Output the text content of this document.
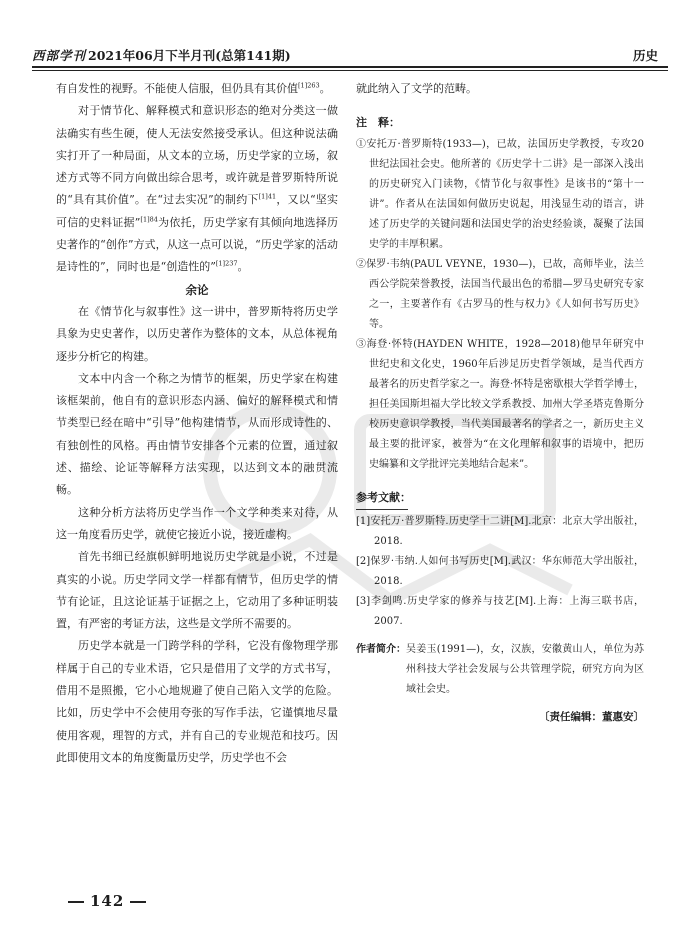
西部学刊 2021年06月下半月刊(总第141期)	历史

有自发性的视野。不能使人信服，但仍具有其价值$^{[1]263}$。

对于情节化、解释模式和意识形态的绝对分类这一做法确实有些生硬，使人无法安然接受承认。但这种说法确实打开了一种局面，从文本的立场，历史学家的立场，叙述方式等不同方向做出综合思考，或许就是普罗斯特所说的“具有其价值”。在“过去实况”的制约下$^{[1]41}$，又以“坚实可信的史料证据”$^{[1]84}$为依托，历史学家有其倾向地选择历史著作的“创作”方式，从这一点可以说，“历史学家的活动是诗性的”，同时也是“创造性的”$^{[1]237}$。

余论

在《情节化与叙事性》这一讲中，普罗斯特将历史学具象为史史著作，以历史著作为整体的文本，从总体视角逐步分析它的构建。

文本中内含一个称之为情节的框架，历史学家在构建该框架前，他自有的意识形态内涵、偏好的解释模式和情节类型已经在暗中“引导”他构建情节，从而形成诗性的、有独创性的风格。再由情节安排各个元素的位置，通过叙述、描绘、论证等解释方法实现，以达到文本的融贯流畅。

这种分析方法将历史学当作一个文学种类来对待，从这一角度看历史学，就使它接近小说，接近虚构。

首先书细已经旗帜鲜明地说历史学就是小说，不过是真实的小说。历史学同文学一样都有情节，但历史学的情节有论证，且这论证基于证据之上，它动用了多种证明装置，有严密的考证方法，这些是文学所不需要的。

历史学本就是一门跨学科的学科，它没有像物理学那样属于自己的专业术语，它只是借用了文学的方式书写，借用不是照搬，它小心地规避了使自己陷入文学的危险。比如，历史学中不会使用夸张的写作手法，它谨慎地尽量使用客观，理智的方式，并有自己的专业规范和技巧。因此即使用文本的角度衡量历史学，历史学也不会

就此纳入了文学的范畴。

注　释：

①安托万·普罗斯特(1933—)，已故，法国历史学教授，专攻20世纪法国社会史。他所著的《历史学十二讲》是一部深入浅出的历史研究入门读物，《情节化与叙事性》是该书的“第十一讲”。作者从在法国如何做历史说起，用浅显生动的语言，讲述了历史学的关键问题和法国史学的治史经验谈，凝聚了法国史学的丰厚积累。
②保罗·韦纳(PAUL VEYNE，1930—)，已故，高师毕业，法兰西公学院荣誉教授，法国当代最出色的希腊—罗马史研究专家之一，主要著作有《古罗马的性与权力》《人如何书写历史》等。
③海登·怀特(HAYDEN WHITE，1928—2018)他早年研究中世纪史和文化史，1960年后涉足历史哲学领域，是当代西方最著名的历史哲学家之一。海登·怀特是密歇根大学哲学博士，担任美国斯坦福大学比较文学系教授、加州大学圣塔克鲁斯分校历史意识学教授，当代美国最著名的学者之一，新历史主义最主要的批评家，被誉为“在文化理解和叙事的语境中，把历史编纂和文学批评完美地结合起来”。

参考文献：

[1]安托万·普罗斯特.历史学十二讲[M].北京：北京大学出版社，2018.
[2]保罗·韦纳.人如何书写历史[M].武汉：华东师范大学出版社，2018.
[3]李剑鸣.历史学家的修养与技艺[M].上海：上海三联书店，2007.
作者简介： 吴姜玉(1991—)，女，汉族，安徽黄山人，单位为苏州科技大学社会发展与公共管理学院，研究方向为区域社会史。
〔责任编辑：董惠安〕
142
